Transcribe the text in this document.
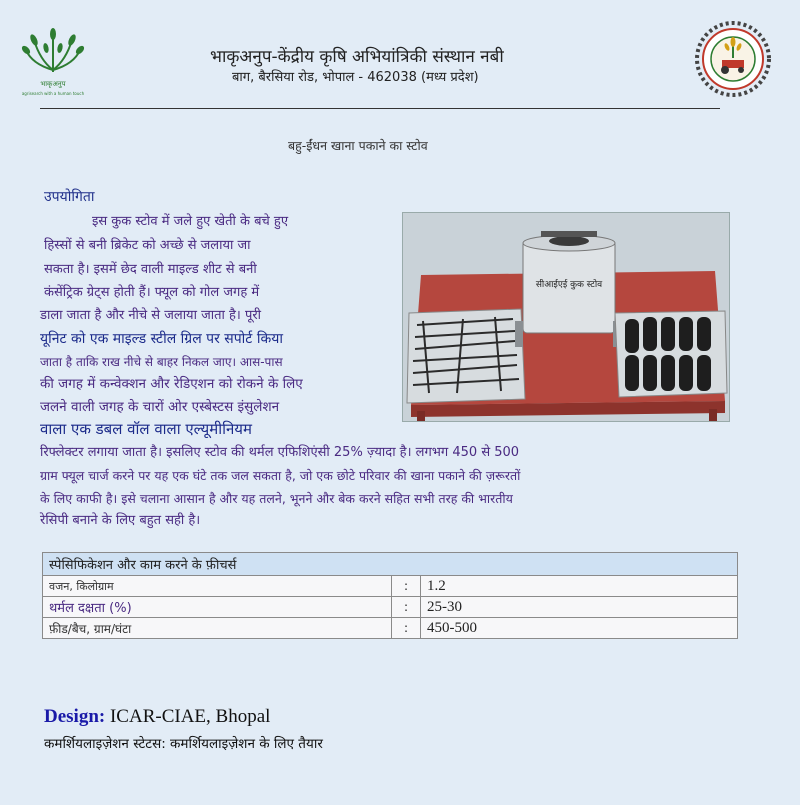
भाकृअनुप
agrisearch with a human touch
भाकृअनुप-केंद्रीय कृषि अभियांत्रिकी संस्थान नबी
बाग, बैरसिया रोड, भोपाल - 462038 (मध्य प्रदेश)
बहु-ईंधन खाना पकाने का स्टोव
उपयोगिता
इस कुक स्टोव में जले हुए खेती के बचे हुए
हिस्सों से बनी ब्रिकेट को अच्छे से जलाया जा
सकता है। इसमें छेद वाली माइल्ड शीट से बनी
कंसेंट्रिक ग्रेट्स होती हैं। फ्यूल को गोल जगह में
डाला जाता है और नीचे से जलाया जाता है। पूरी
यूनिट को एक माइल्ड स्टील ग्रिल पर सपोर्ट किया
जाता है ताकि राख नीचे से बाहर निकल जाए। आस-पास
की जगह में कन्वेक्शन और रेडिएशन को रोकने के लिए
जलने वाली जगह के चारों ओर एस्बेस्टस इंसुलेशन
वाला एक डबल वॉल वाला एल्यूमीनियम
रिफ्लेक्टर लगाया जाता है। इसलिए स्टोव की थर्मल एफिशिएंसी 25% ज़्यादा है। लगभग 450 से 500
ग्राम फ्यूल चार्ज करने पर यह एक घंटे तक जल सकता है, जो एक छोटे परिवार की खाना पकाने की ज़रूरतों
के लिए काफी है। इसे चलाना आसान है और यह तलने, भूनने और बेक करने सहित सभी तरह की भारतीय
रेसिपी बनाने के लिए बहुत सही है।
सीआईएई कुक स्टोव
स्पेसिफिकेशन और काम करने के फ़ीचर्स		
वजन, किलोग्राम	:	1.2
थर्मल दक्षता (%)	:	25-30
फ़ीड/बैच, ग्राम/घंटा	:	450-500
Design: ICAR-CIAE, Bhopal
कमर्शियलाइज़ेशन स्टेटस: कमर्शियलाइज़ेशन के लिए तैयार
